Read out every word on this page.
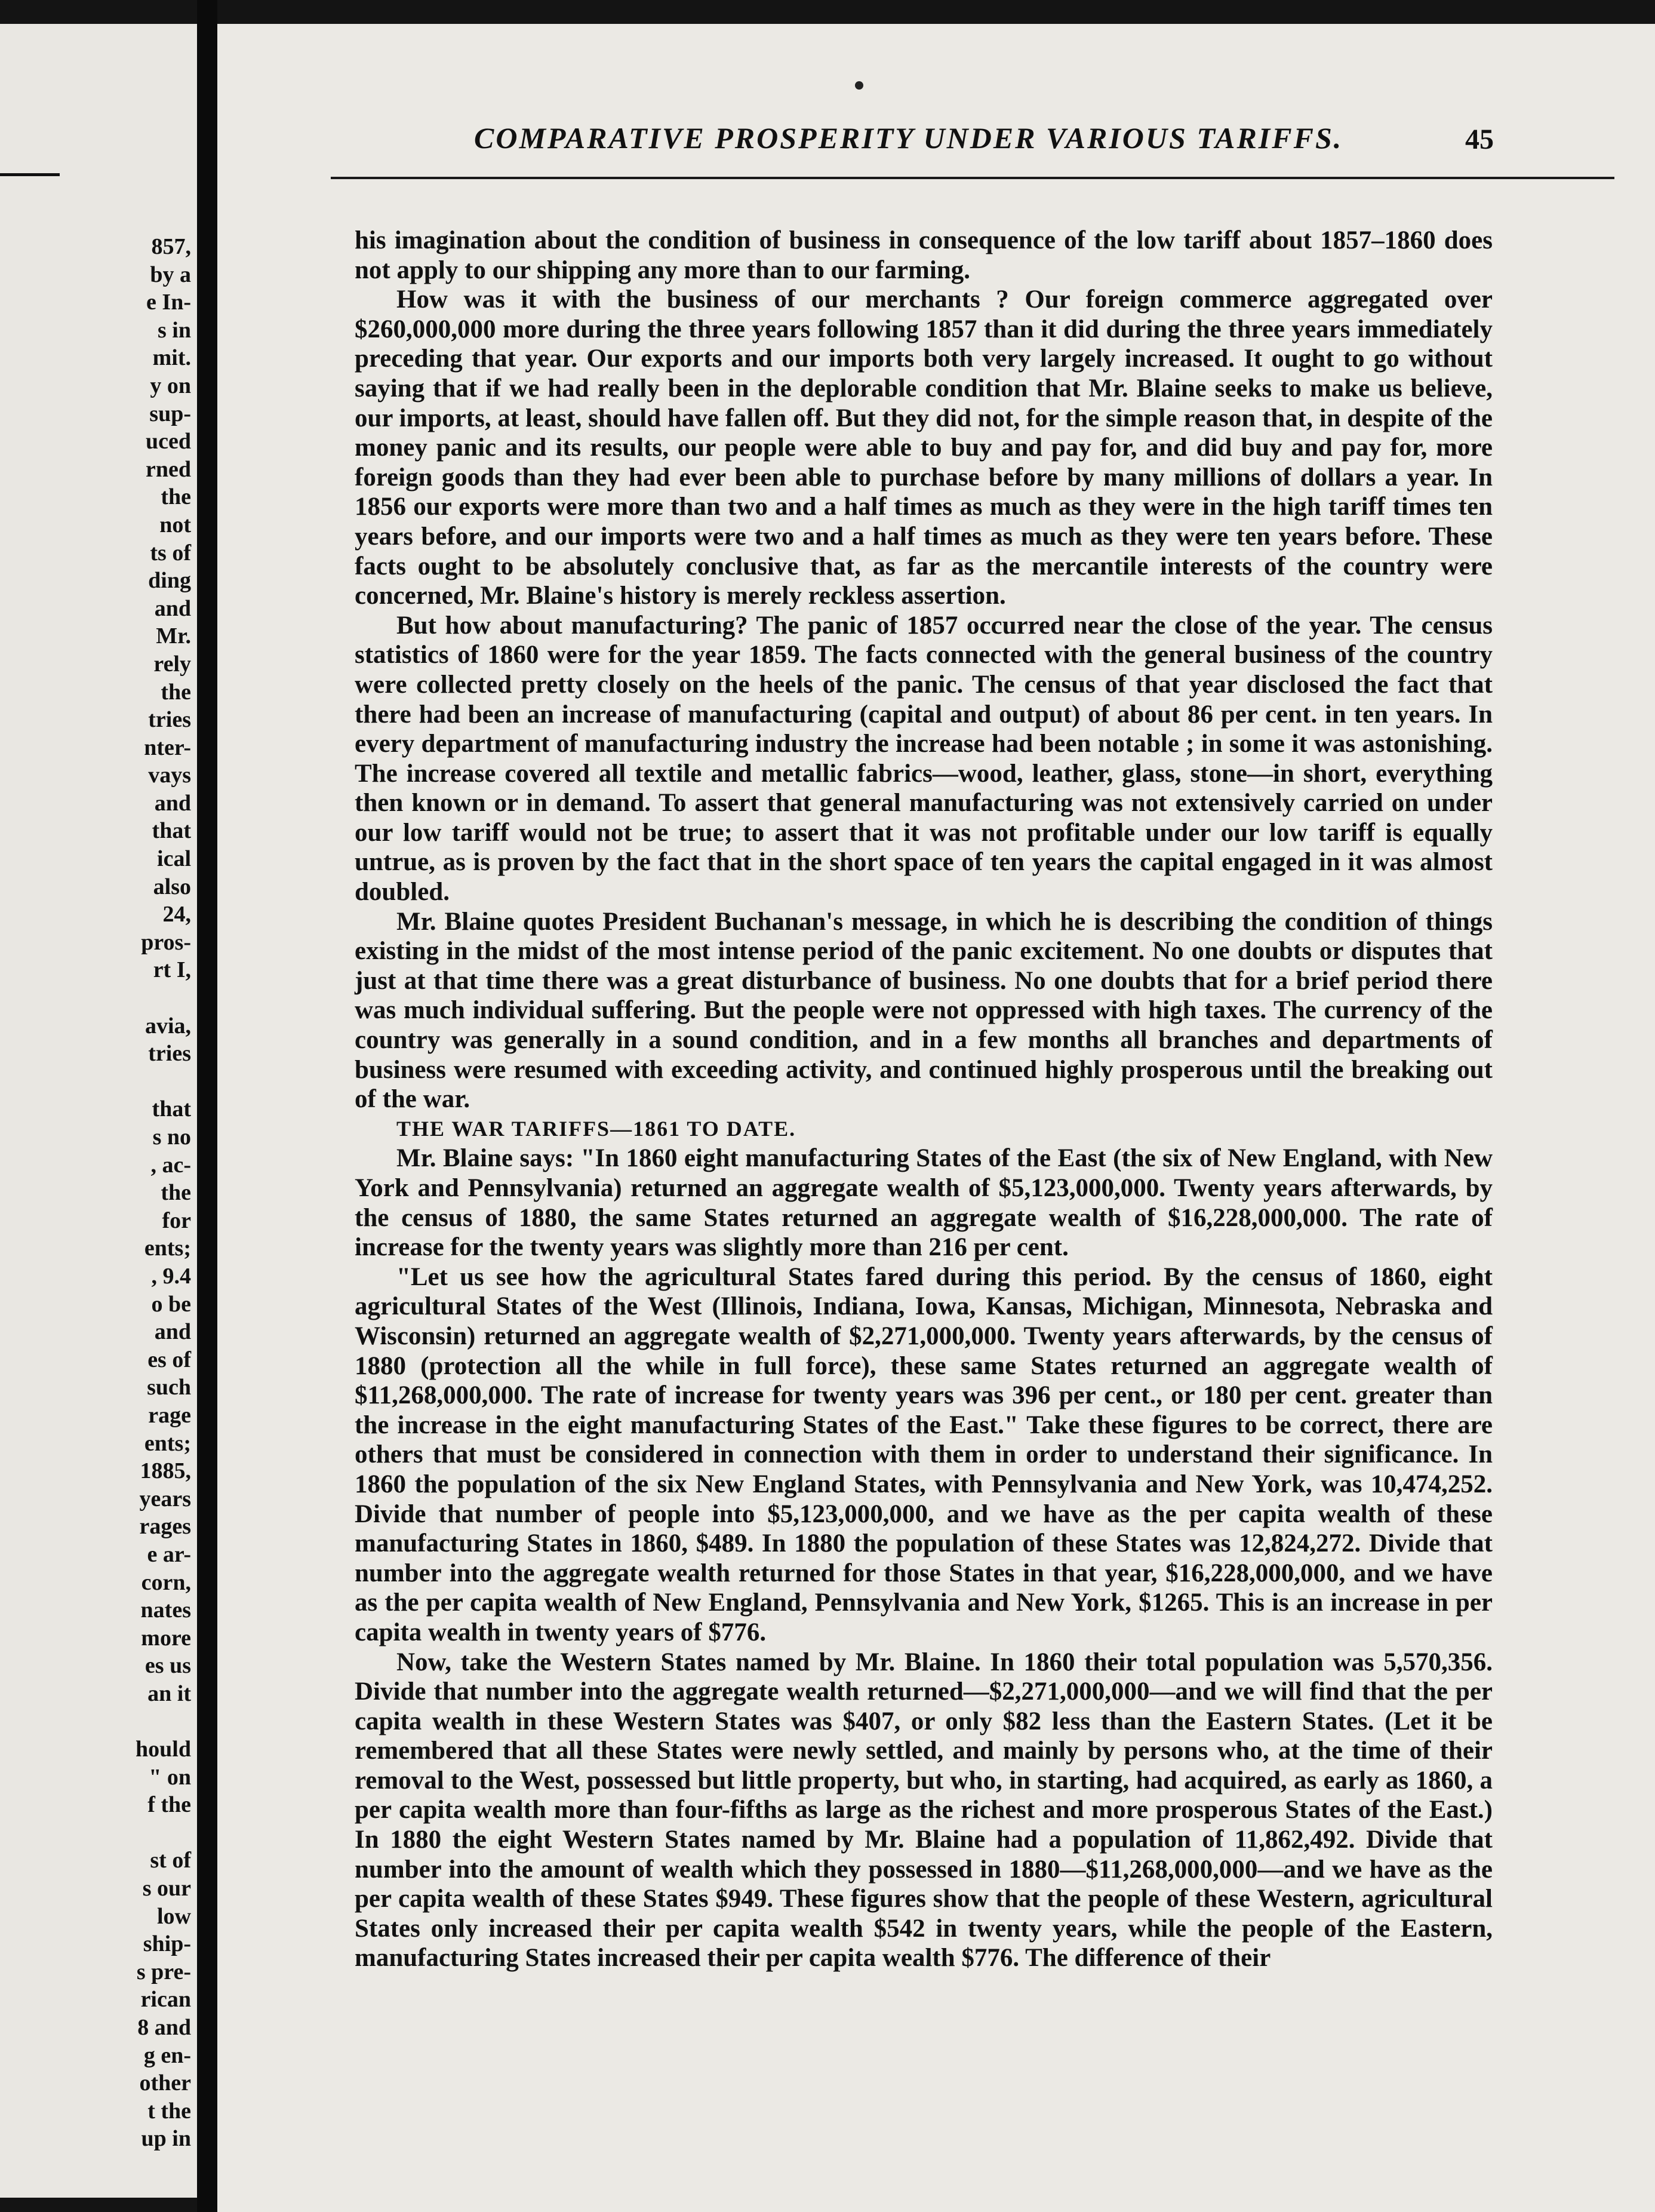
857,
by a
e In-
s in
mit.
y on
sup-
uced
rned
the
not
ts of
ding
and
Mr.
rely
the
tries
nter-
vays
and
that
ical
also
24,
pros-
rt I,
avia,
tries
that
s no
, ac-
the
for
ents;
, 9.4
o be
and
es of
such
rage
ents;
1885,
years
rages
e ar-
corn,
nates
more
es us
an it
hould
" on
f the
st of
s our
low
ship-
s pre-
rican
8 and
g en-
other
t the
up in
COMPARATIVE PROSPERITY UNDER VARIOUS TARIFFS.	45

his imagination about the condition of business in consequence of the low tariff about 1857–1860 does not apply to our shipping any more than to our farming.

How was it with the business of our merchants ? Our foreign commerce aggregated over $260,000,000 more during the three years following 1857 than it did during the three years immediately preceding that year. Our exports and our imports both very largely increased. It ought to go without saying that if we had really been in the deplorable condition that Mr. Blaine seeks to make us believe, our imports, at least, should have fallen off. But they did not, for the simple reason that, in despite of the money panic and its results, our people were able to buy and pay for, and did buy and pay for, more foreign goods than they had ever been able to purchase before by many millions of dollars a year. In 1856 our exports were more than two and a half times as much as they were in the high tariff times ten years before, and our imports were two and a half times as much as they were ten years before. These facts ought to be absolutely conclusive that, as far as the mercantile interests of the country were concerned, Mr. Blaine's history is merely reckless assertion.

But how about manufacturing? The panic of 1857 occurred near the close of the year. The census statistics of 1860 were for the year 1859. The facts connected with the general business of the country were collected pretty closely on the heels of the panic. The census of that year disclosed the fact that there had been an increase of manufacturing (capital and output) of about 86 per cent. in ten years. In every department of manufacturing industry the increase had been notable ; in some it was astonishing. The increase covered all textile and metallic fabrics—wood, leather, glass, stone—in short, everything then known or in demand. To assert that general manufacturing was not extensively carried on under our low tariff would not be true; to assert that it was not profitable under our low tariff is equally untrue, as is proven by the fact that in the short space of ten years the capital engaged in it was almost doubled.

Mr. Blaine quotes President Buchanan's message, in which he is describing the condition of things existing in the midst of the most intense period of the panic excitement. No one doubts or disputes that just at that time there was a great disturbance of business. No one doubts that for a brief period there was much individual suffering. But the people were not oppressed with high taxes. The currency of the country was generally in a sound condition, and in a few months all branches and departments of business were resumed with exceeding activity, and continued highly prosperous until the breaking out of the war.

THE WAR TARIFFS—1861 TO DATE.

Mr. Blaine says: "In 1860 eight manufacturing States of the East (the six of New England, with New York and Pennsylvania) returned an aggregate wealth of $5,123,000,000. Twenty years afterwards, by the census of 1880, the same States returned an aggregate wealth of $16,228,000,000. The rate of increase for the twenty years was slightly more than 216 per cent.

"Let us see how the agricultural States fared during this period. By the census of 1860, eight agricultural States of the West (Illinois, Indiana, Iowa, Kansas, Michigan, Minnesota, Nebraska and Wisconsin) returned an aggregate wealth of $2,271,000,000. Twenty years afterwards, by the census of 1880 (protection all the while in full force), these same States returned an aggregate wealth of $11,268,000,000. The rate of increase for twenty years was 396 per cent., or 180 per cent. greater than the increase in the eight manufacturing States of the East." Take these figures to be correct, there are others that must be considered in connection with them in order to understand their significance. In 1860 the population of the six New England States, with Pennsylvania and New York, was 10,474,252. Divide that number of people into $5,123,000,000, and we have as the per capita wealth of these manufacturing States in 1860, $489. In 1880 the population of these States was 12,824,272. Divide that number into the aggregate wealth returned for those States in that year, $16,228,000,000, and we have as the per capita wealth of New England, Pennsylvania and New York, $1265. This is an increase in per capita wealth in twenty years of $776.

Now, take the Western States named by Mr. Blaine. In 1860 their total population was 5,570,356. Divide that number into the aggregate wealth returned—$2,271,000,000—and we will find that the per capita wealth in these Western States was $407, or only $82 less than the Eastern States. (Let it be remembered that all these States were newly settled, and mainly by persons who, at the time of their removal to the West, possessed but little property, but who, in starting, had acquired, as early as 1860, a per capita wealth more than four-fifths as large as the richest and more prosperous States of the East.) In 1880 the eight Western States named by Mr. Blaine had a population of 11,862,492. Divide that number into the amount of wealth which they possessed in 1880—$11,268,000,000—and we have as the per capita wealth of these States $949. These figures show that the people of these Western, agricultural States only increased their per capita wealth $542 in twenty years, while the people of the Eastern, manufacturing States increased their per capita wealth $776. The difference of their
